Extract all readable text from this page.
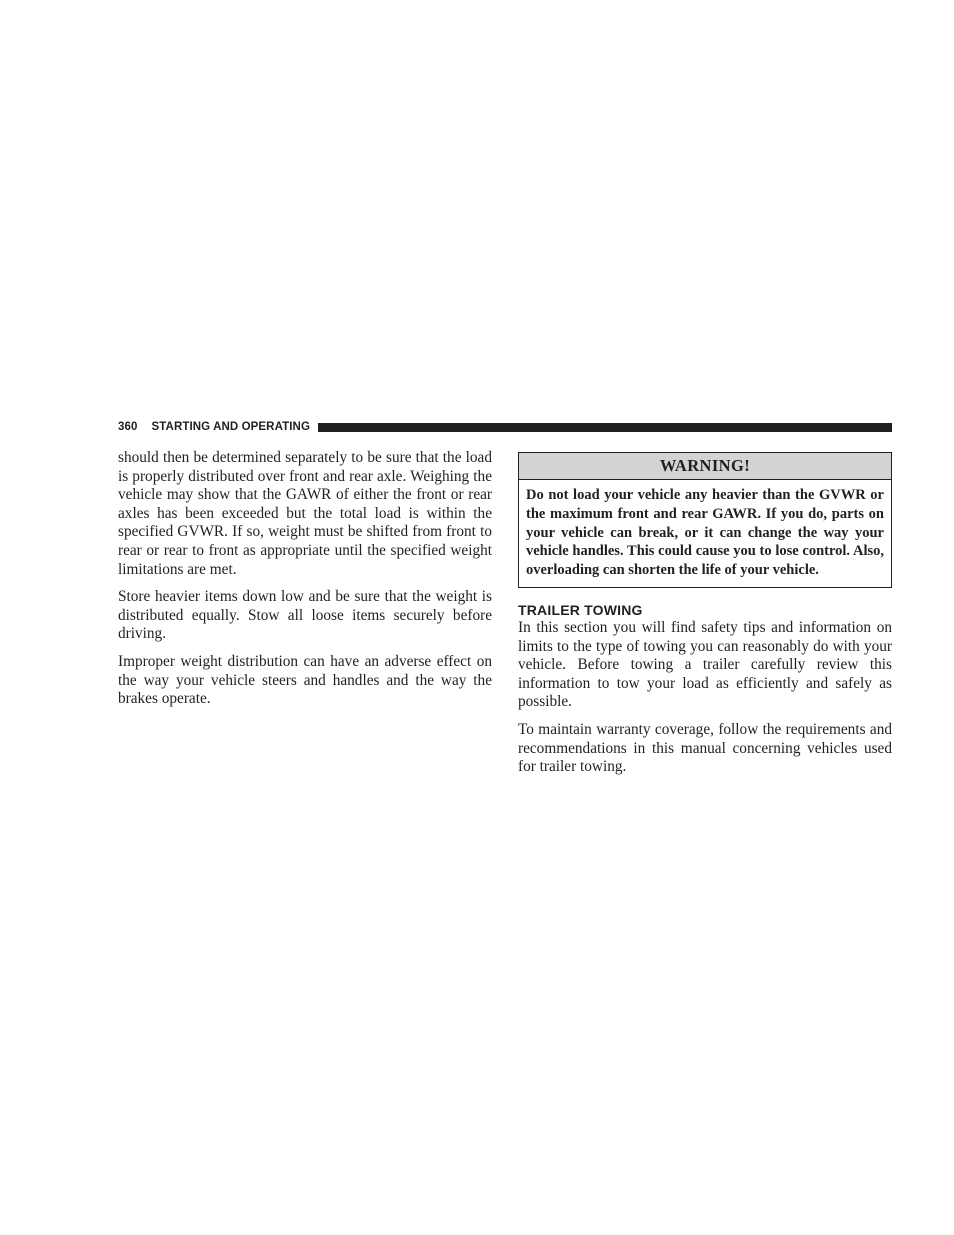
360 STARTING AND OPERATING

should then be determined separately to be sure that the load is properly distributed over front and rear axle. Weighing the vehicle may show that the GAWR of either the front or rear axles has been exceeded but the total load is within the specified GVWR. If so, weight must be shifted from front to rear or rear to front as appropriate until the specified weight limitations are met.

Store heavier items down low and be sure that the weight is distributed equally. Stow all loose items securely before driving.

Improper weight distribution can have an adverse effect on the way your vehicle steers and handles and the way the brakes operate.

WARNING!
Do not load your vehicle any heavier than the GVWR or the maximum front and rear GAWR. If you do, parts on your vehicle can break, or it can change the way your vehicle handles. This could cause you to lose control. Also, overloading can shorten the life of your vehicle.
TRAILER TOWING

In this section you will find safety tips and information on limits to the type of towing you can reasonably do with your vehicle. Before towing a trailer carefully review this information to tow your load as efficiently and safely as possible.

To maintain warranty coverage, follow the requirements and recommendations in this manual concerning vehicles used for trailer towing.
